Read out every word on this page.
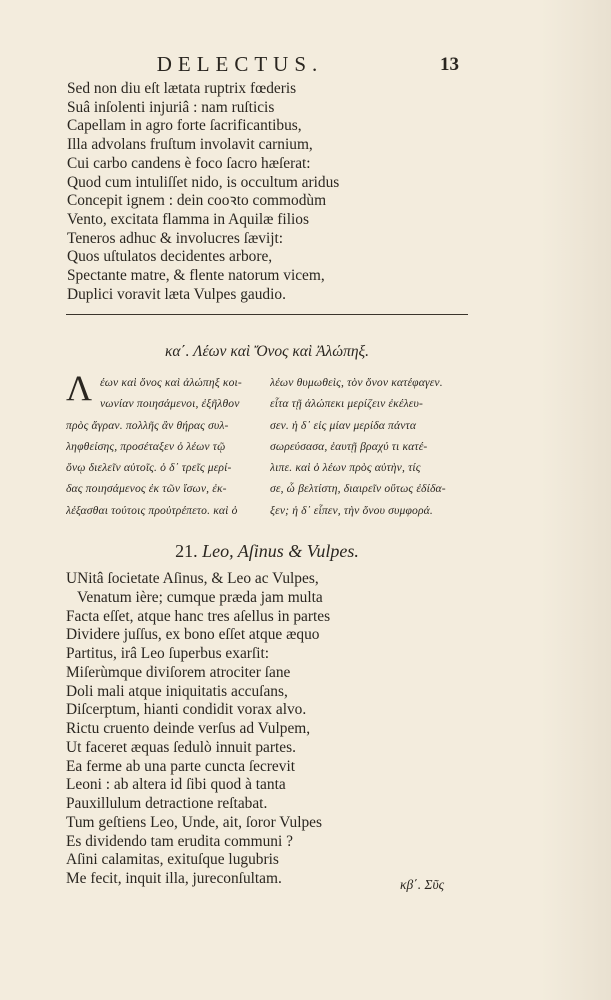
DELECTUS.	13
Sed non diu eſt lætata ruptrix fœderis
Suâ inſolenti injuriâ : nam ruſticis
Capellam in agro forte ſacrificantibus,
Illa advolans fruſtum involavit carnium,
Cui carbo candens è foco ſacro hæſerat:
Quod cum intuliſſet nido, is occultum aridus
Concepit ignem : dein cooꝛto commodùm
Vento, excitata flamma in Aquilæ filios
Teneros adhuc & involucres ſævijt:
Quos uſtulatos decidentes arbore,
Spectante matre, & flente natorum vicem,
Duplici voravit læta Vulpes gaudio.
κα΄. Λέων καὶ Ὄνος καὶ Ἀλώπηξ.
Λ έων καὶ ὄνος καὶ ἀλώπηξ κοι-
νωνίαν ποιησάμενοι, ἐξῆλθον
πρὸς ἄγραν. πολλῆς ἂν θήρας συλ-
ληφθείσης, προσέταξεν ὁ λέων τῷ
ὄνῳ διελεῖν αὐτοῖς. ὁ δ᾽ τρεῖς μερί-
δας ποιησάμενος ἐκ τῶν ἴσων, ἐκ-
λέξασθαι τούτοις προὐτρέπετο. καὶ ὁ
λέων θυμωθεὶς, τὸν ὄνον κατέφαγεν.
εἶτα τῇ ἀλώπεκι μερίζειν ἐκέλευ-
σεν. ἡ δ᾽ εἰς μίαν μερίδα πάντα
σωρεύσασα, ἑαυτῇ βραχύ τι κατέ-
λιπε. καὶ ὁ λέων πρὸς αὐτὴν, τίς
σε, ὦ βελτίστη, διαιρεῖν οὕτως ἐδίδα-
ξεν; ἡ δ᾽ εἶπεν, τὴν ὄνου συμφορά.
21. Leo, Aſinus & Vulpes.
UNitâ ſocietate Aſinus, & Leo ac Vulpes,
Venatum ière; cumque præda jam multa
Facta eſſet, atque hanc tres aſellus in partes
Dividere juſſus, ex bono eſſet atque æquo
Partitus, irâ Leo ſuperbus exarſit:
Miſerùmque diviſorem atrociter ſane
Doli mali atque iniquitatis accuſans,
Diſcerptum, hianti condidit vorax alvo.
Rictu cruento deinde verſus ad Vulpem,
Ut faceret æquas ſedulò innuit partes.
Ea ferme ab una parte cuncta ſecrevit
Leoni : ab altera id ſibi quod à tanta
Pauxillulum detractione reſtabat.
Tum geſtiens Leo, Unde, ait, ſoror Vulpes
Es dividendo tam erudita communi ?
Aſini calamitas, exituſque lugubris
Me fecit, inquit illa, jureconſultam.	κβ΄. Σῦς
